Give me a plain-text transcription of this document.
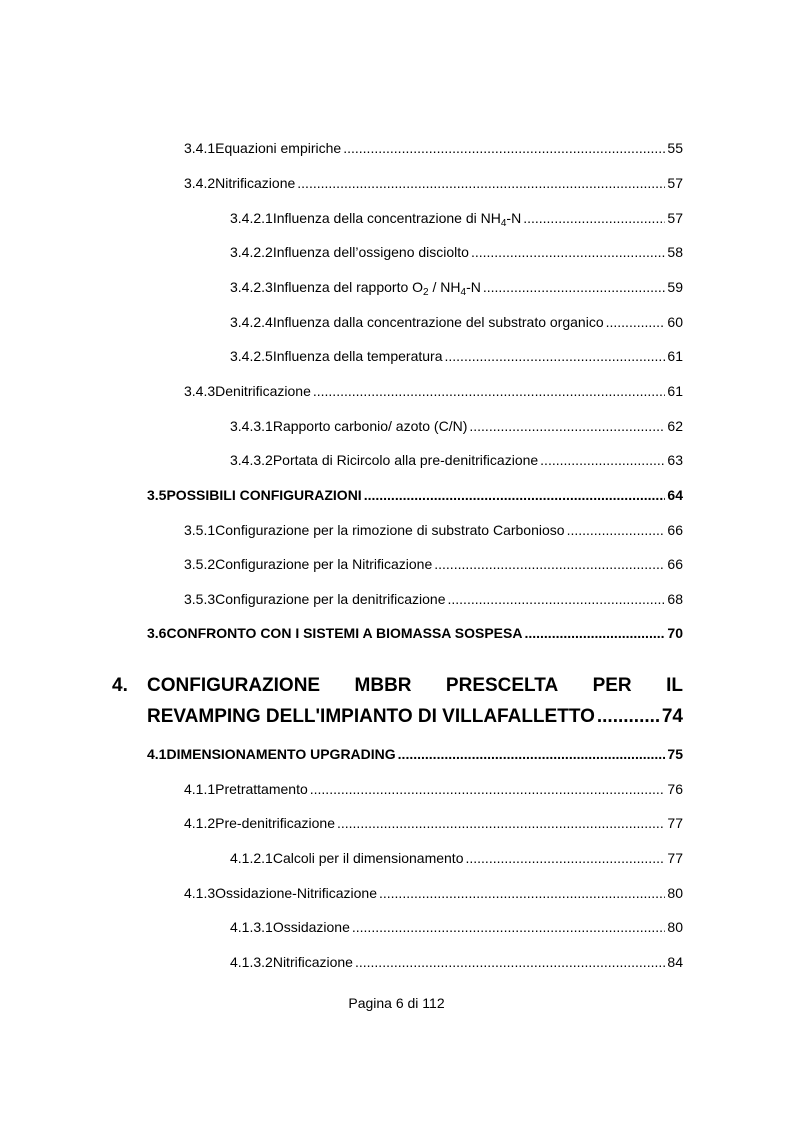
3.4.1 Equazioni empiriche .....	55
3.4.2 Nitrificazione .....	57
3.4.2.1 Influenza della concentrazione di $NH_4-N$ .....	57
3.4.2.2 Influenza dell’ossigeno disciolto .....	58
3.4.2.3 Influenza del rapporto $O_2 / NH_4-N$ .....	59
3.4.2.4 Influenza dalla concentrazione del substrato organico .....	60
3.4.2.5 Influenza della temperatura .....	61
3.4.3 Denitrificazione .....	61
3.4.3.1 Rapporto carbonio/ azoto (C/N) .....	62
3.4.3.2 Portata di Ricircolo alla pre-denitrificazione .....	63
3.5 POSSIBILI CONFIGURAZIONI .....	64
3.5.1 Configurazione per la rimozione di substrato Carbonioso .....	66
3.5.2 Configurazione per la Nitrificazione .....	66
3.5.3 Configurazione per la denitrificazione .....	68
3.6 CONFRONTO CON I SISTEMI A BIOMASSA SOSPESA .....	70
4. CONFIGURAZIONE MBBR PRESCELTA PER IL
REVAMPING DELL'IMPIANTO DI VILLAFALLETTO .....	74
4.1 DIMENSIONAMENTO UPGRADING .....	75
4.1.1 Pretrattamento .....	76
4.1.2 Pre-denitrificazione .....	77
4.1.2.1 Calcoli per il dimensionamento .....	77
4.1.3 Ossidazione-Nitrificazione .....	80
4.1.3.1 Ossidazione .....	80
4.1.3.2 Nitrificazione .....	84
Pagina 6 di 112
